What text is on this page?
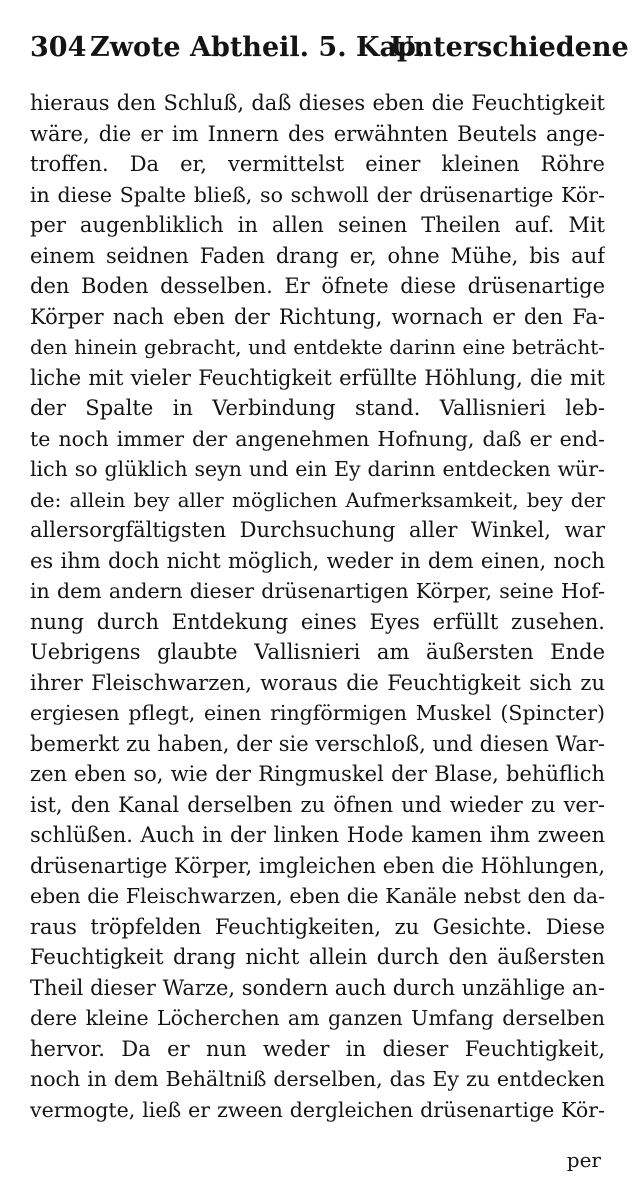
304 Zwote Abtheil. 5. Kap.Unterschiedene
hieraus den Schluß, daß dieses eben die Feuchtigkeit
wäre, die er im Innern des erwähnten Beutels ange-
troffen. Da er, vermittelst einer kleinen Röhre
in diese Spalte bließ, so schwoll der drüsenartige Kör-
per augenbliklich in allen seinen Theilen auf. Mit
einem seidnen Faden drang er, ohne Mühe, bis auf
den Boden desselben. Er öfnete diese drüsenartige
Körper nach eben der Richtung, wornach er den Fa-
den hinein gebracht, und entdekte darinn eine beträcht-
liche mit vieler Feuchtigkeit erfüllte Höhlung, die mit
der Spalte in Verbindung stand. Vallisnieri leb-
te noch immer der angenehmen Hofnung, daß er end-
lich so glüklich seyn und ein Ey darinn entdecken wür-
de: allein bey aller möglichen Aufmerksamkeit, bey der
allersorgfältigsten Durchsuchung aller Winkel, war
es ihm doch nicht möglich, weder in dem einen, noch
in dem andern dieser drüsenartigen Körper, seine Hof-
nung durch Entdekung eines Eyes erfüllt zusehen.
Uebrigens glaubte Vallisnieri am äußersten Ende
ihrer Fleischwarzen, woraus die Feuchtigkeit sich zu
ergiesen pflegt, einen ringförmigen Muskel (Spincter)
bemerkt zu haben, der sie verschloß, und diesen War-
zen eben so, wie der Ringmuskel der Blase, behüflich
ist, den Kanal derselben zu öfnen und wieder zu ver-
schlüßen. Auch in der linken Hode kamen ihm zween
drüsenartige Körper, imgleichen eben die Höhlungen,
eben die Fleischwarzen, eben die Kanäle nebst den da-
raus tröpfelden Feuchtigkeiten, zu Gesichte. Diese
Feuchtigkeit drang nicht allein durch den äußersten
Theil dieser Warze, sondern auch durch unzählige an-
dere kleine Löcherchen am ganzen Umfang derselben
hervor. Da er nun weder in dieser Feuchtigkeit,
noch in dem Behältniß derselben, das Ey zu entdecken
vermogte, ließ er zween dergleichen drüsenartige Kör-
per
